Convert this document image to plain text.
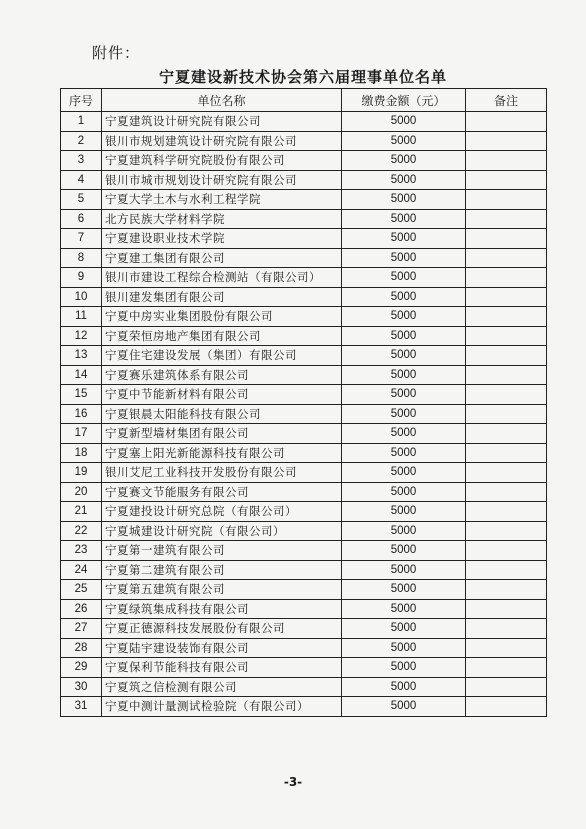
附件：
宁夏建设新技术协会第六届理事单位名单
序号	单位名称	缴费金额（元）	备注
1	宁夏建筑设计研究院有限公司	5000	
2	银川市规划建筑设计研究院有限公司	5000	
3	宁夏建筑科学研究院股份有限公司	5000	
4	银川市城市规划设计研究院有限公司	5000	
5	宁夏大学土木与水利工程学院	5000	
6	北方民族大学材料学院	5000	
7	宁夏建设职业技术学院	5000	
8	宁夏建工集团有限公司	5000	
9	银川市建设工程综合检测站（有限公司）	5000	
10	银川建发集团有限公司	5000	
11	宁夏中房实业集团股份有限公司	5000	
12	宁夏荣恒房地产集团有限公司	5000	
13	宁夏住宅建设发展（集团）有限公司	5000	
14	宁夏赛乐建筑体系有限公司	5000	
15	宁夏中节能新材料有限公司	5000	
16	宁夏银晨太阳能科技有限公司	5000	
17	宁夏新型墙材集团有限公司	5000	
18	宁夏塞上阳光新能源科技有限公司	5000	
19	银川艾尼工业科技开发股份有限公司	5000	
20	宁夏赛文节能服务有限公司	5000	
21	宁夏建投设计研究总院（有限公司）	5000	
22	宁夏城建设计研究院（有限公司）	5000	
23	宁夏第一建筑有限公司	5000	
24	宁夏第二建筑有限公司	5000	
25	宁夏第五建筑有限公司	5000	
26	宁夏绿筑集成科技有限公司	5000	
27	宁夏正德源科技发展股份有限公司	5000	
28	宁夏陆宇建设装饰有限公司	5000	
29	宁夏保利节能科技有限公司	5000	
30	宁夏筑之信检测有限公司	5000	
31	宁夏中测计量测试检验院（有限公司）	5000	
-3-
